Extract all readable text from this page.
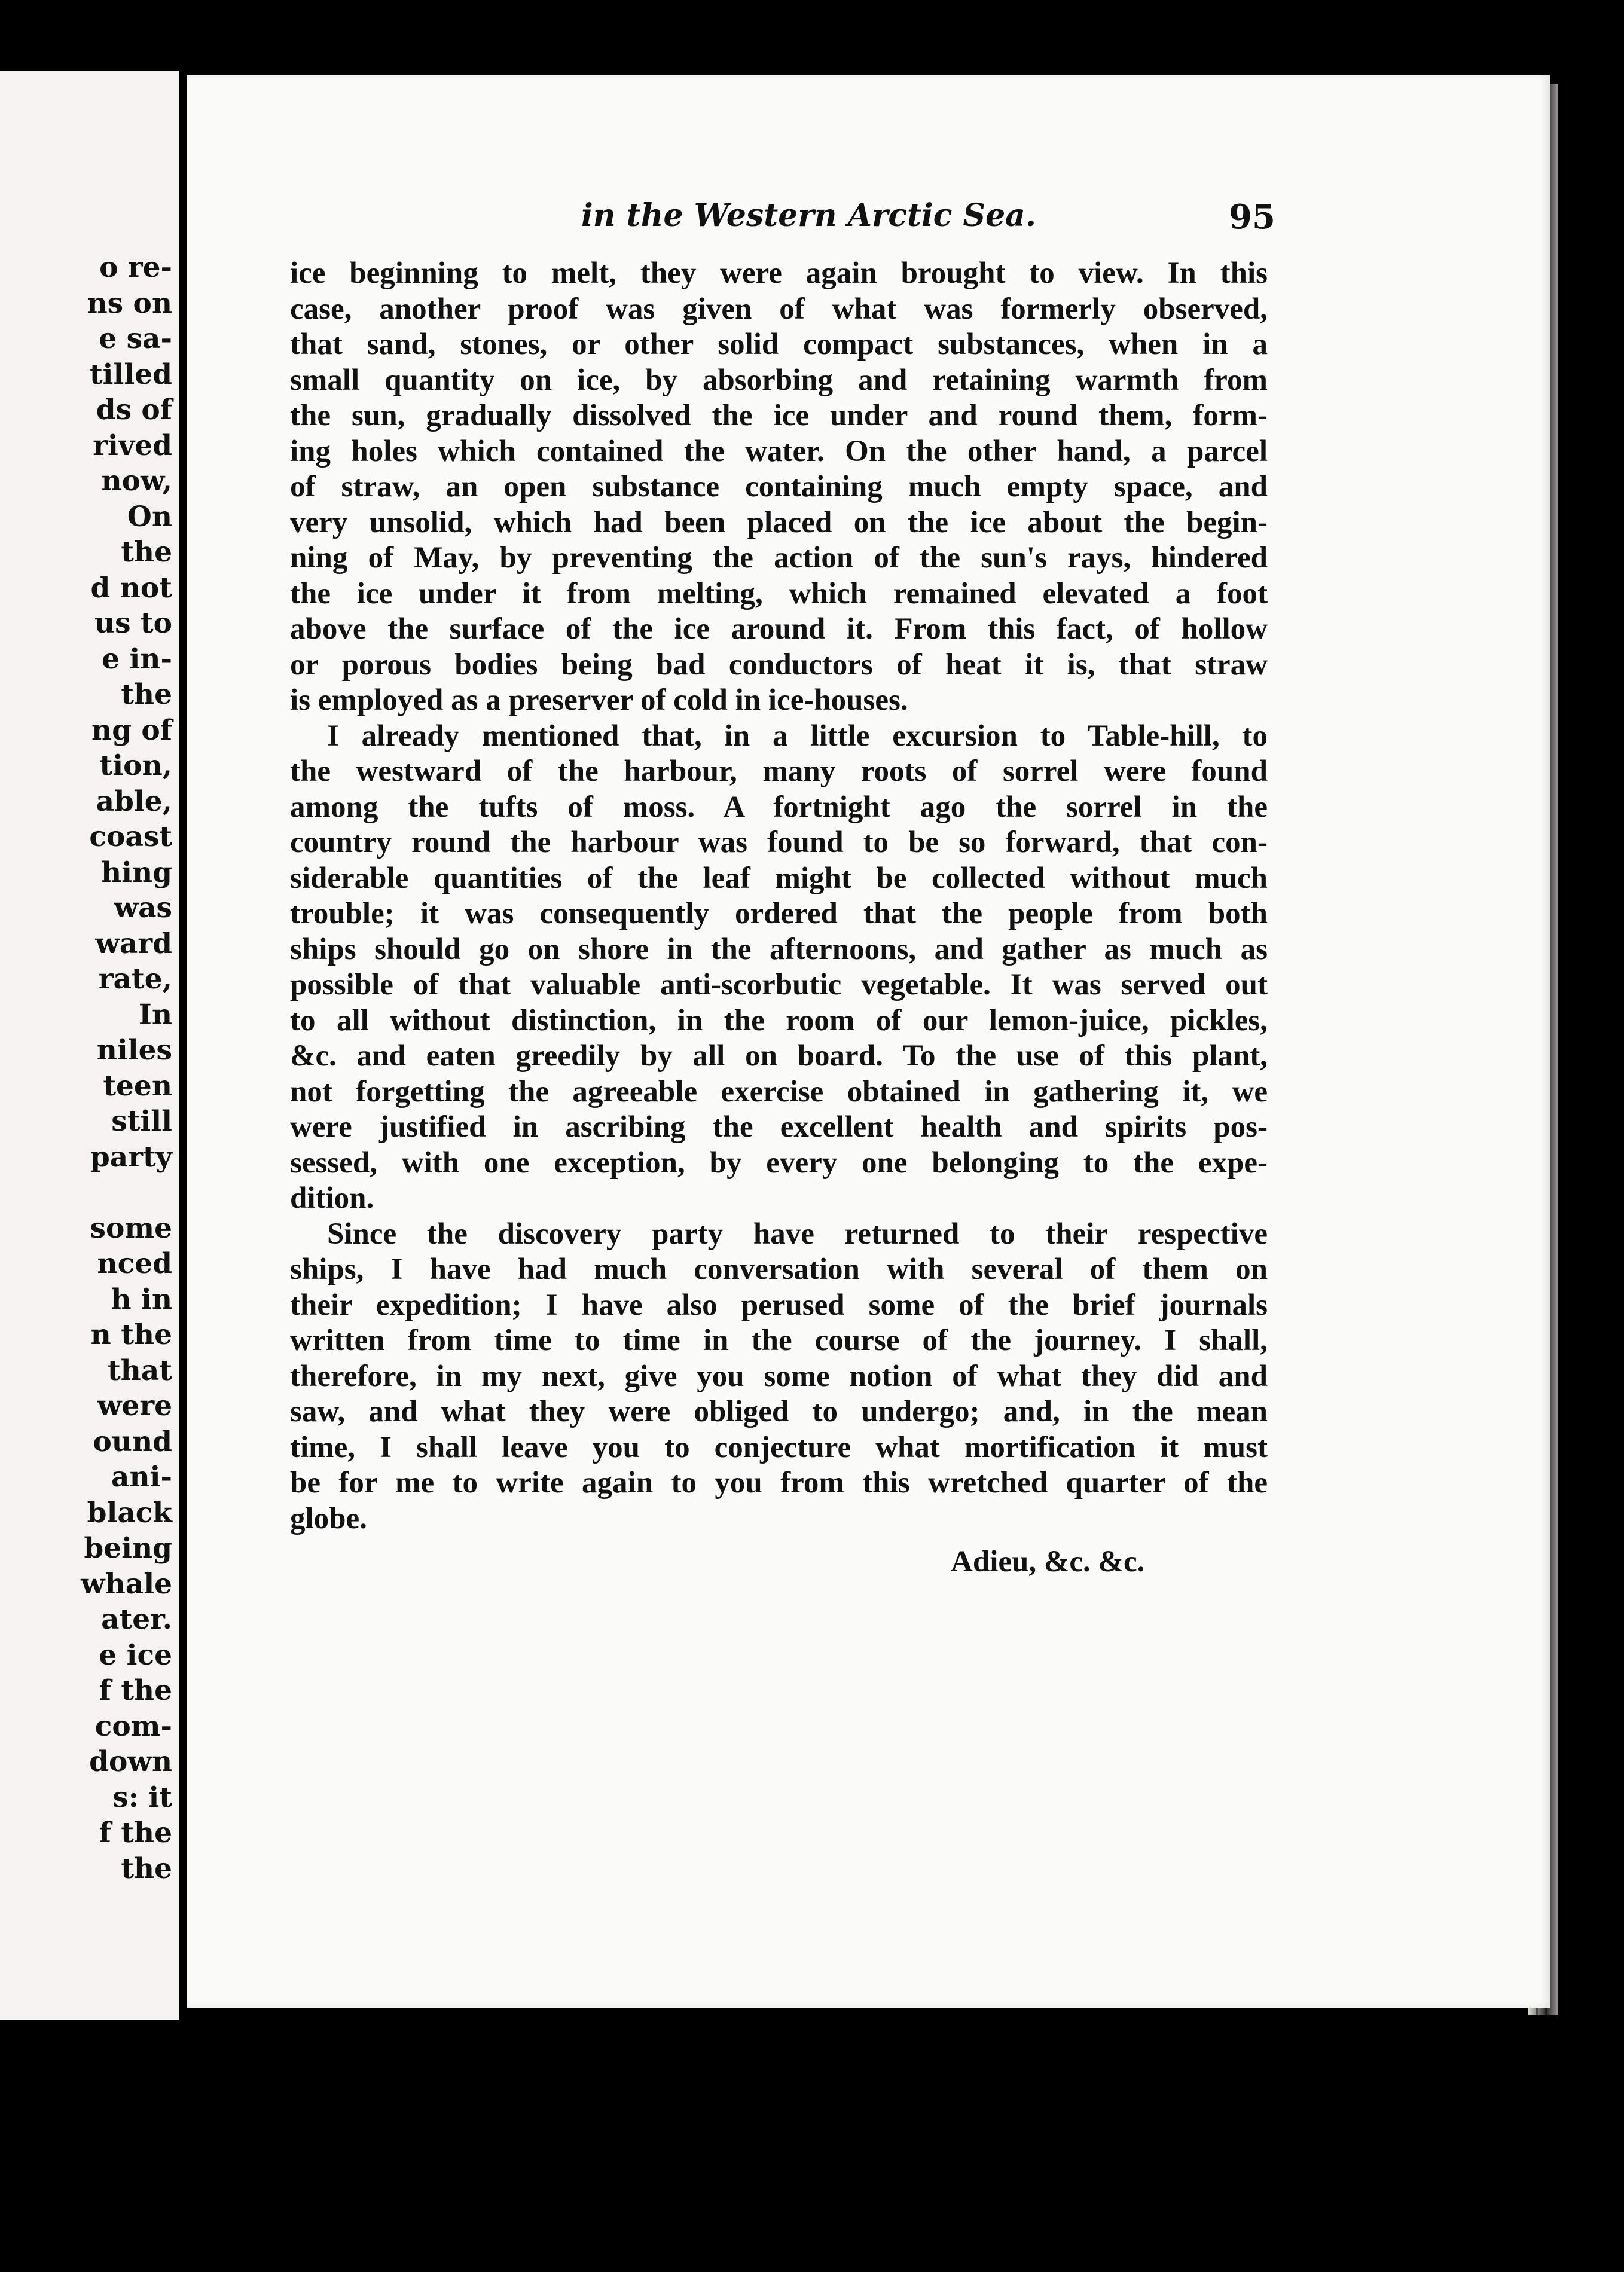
o re-
ns on
e sa-
tilled
ds of
rived
now,
On
the
d not
us to
e in-
the
ng of
tion,
able,
coast
hing
was
ward
rate,
In
niles
teen
still
party

some
nced
h in
n the
that
were
ound
ani-
black
being
whale
ater.
e ice
f the
com-
down
s: it
f the
the
in the Western Arctic Sea.	95
ice beginning to melt, they were again brought to view. In this
case, another proof was given of what was formerly observed,
that sand, stones, or other solid compact substances, when in a
small quantity on ice, by absorbing and retaining warmth from
the sun, gradually dissolved the ice under and round them, form-
ing holes which contained the water. On the other hand, a parcel
of straw, an open substance containing much empty space, and
very unsolid, which had been placed on the ice about the begin-
ning of May, by preventing the action of the sun's rays, hindered
the ice under it from melting, which remained elevated a foot
above the surface of the ice around it. From this fact, of hollow
or porous bodies being bad conductors of heat it is, that straw
is employed as a preserver of cold in ice-houses.
I already mentioned that, in a little excursion to Table-hill, to
the westward of the harbour, many roots of sorrel were found
among the tufts of moss. A fortnight ago the sorrel in the
country round the harbour was found to be so forward, that con-
siderable quantities of the leaf might be collected without much
trouble; it was consequently ordered that the people from both
ships should go on shore in the afternoons, and gather as much as
possible of that valuable anti-scorbutic vegetable. It was served out
to all without distinction, in the room of our lemon-juice, pickles,
&c. and eaten greedily by all on board. To the use of this plant,
not forgetting the agreeable exercise obtained in gathering it, we
were justified in ascribing the excellent health and spirits pos-
sessed, with one exception, by every one belonging to the expe-
dition.
Since the discovery party have returned to their respective
ships, I have had much conversation with several of them on
their expedition; I have also perused some of the brief journals
written from time to time in the course of the journey. I shall,
therefore, in my next, give you some notion of what they did and
saw, and what they were obliged to undergo; and, in the mean
time, I shall leave you to conjecture what mortification it must
be for me to write again to you from this wretched quarter of the
globe.
Adieu, &c. &c.
